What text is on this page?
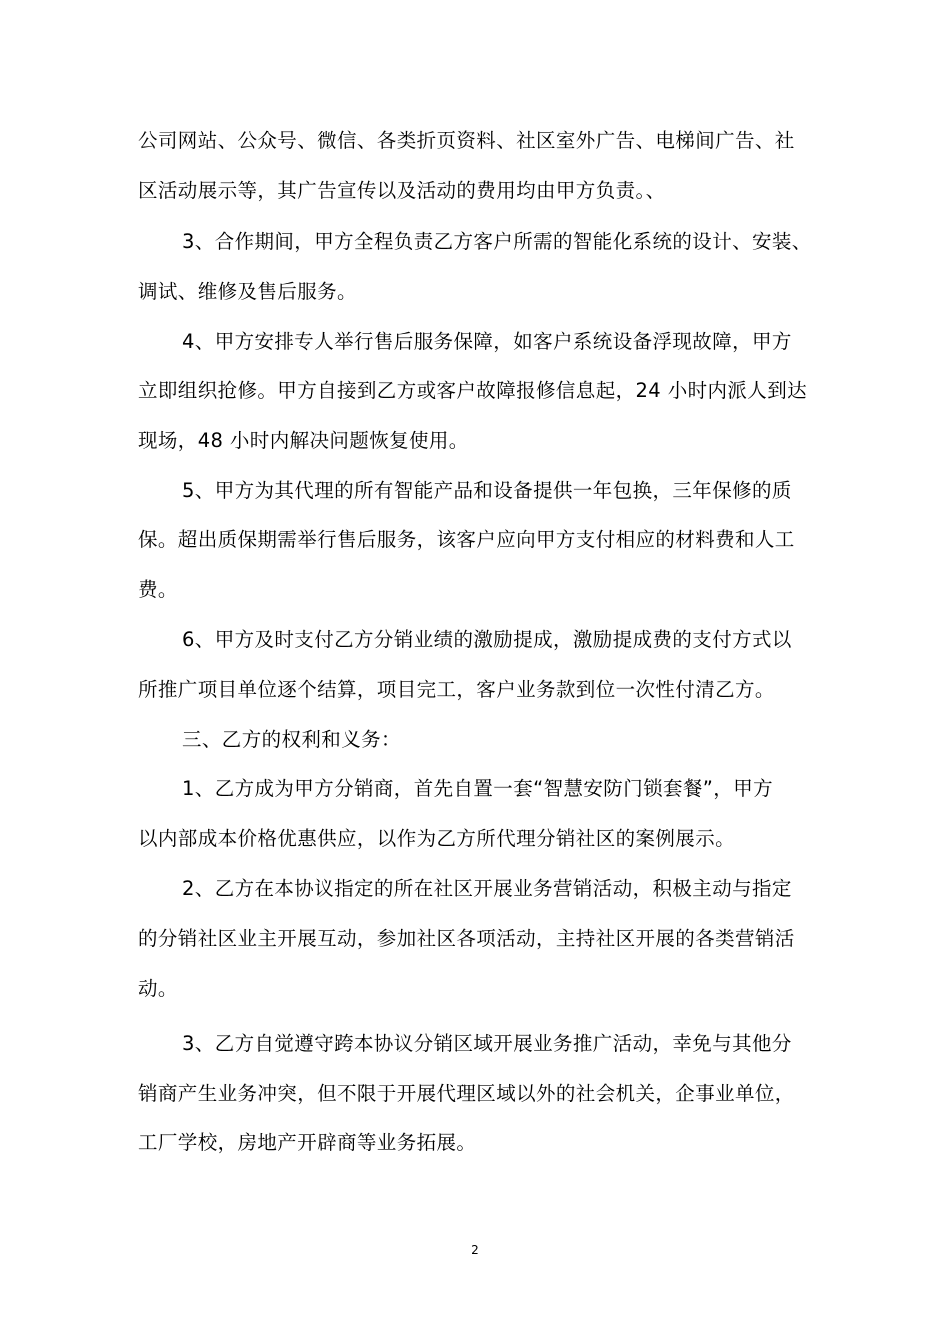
公司网站、公众号、微信、各类折页资料、社区室外广告、电梯间广告、社
区活动展示等，其广告宣传以及活动的费用均由甲方负责。、
3、合作期间，甲方全程负责乙方客户所需的智能化系统的设计、安装、
调试、维修及售后服务。
4、甲方安排专人举行售后服务保障，如客户系统设备浮现故障，甲方
立即组织抢修。甲方自接到乙方或客户故障报修信息起，24 小时内派人到达
现场，48 小时内解决问题恢复使用。
5、甲方为其代理的所有智能产品和设备提供一年包换，三年保修的质
保。超出质保期需举行售后服务，该客户应向甲方支付相应的材料费和人工
费。
6、甲方及时支付乙方分销业绩的激励提成，激励提成费的支付方式以
所推广项目单位逐个结算，项目完工，客户业务款到位一次性付清乙方。
三、乙方的权利和义务：
1、乙方成为甲方分销商，首先自置一套“智慧安防门锁套餐”，甲方
以内部成本价格优惠供应，以作为乙方所代理分销社区的案例展示。
2、乙方在本协议指定的所在社区开展业务营销活动，积极主动与指定
的分销社区业主开展互动，参加社区各项活动，主持社区开展的各类营销活
动。
3、乙方自觉遵守跨本协议分销区域开展业务推广活动，幸免与其他分
销商产生业务冲突，但不限于开展代理区域以外的社会机关，企事业单位，
工厂学校，房地产开辟商等业务拓展。
2
